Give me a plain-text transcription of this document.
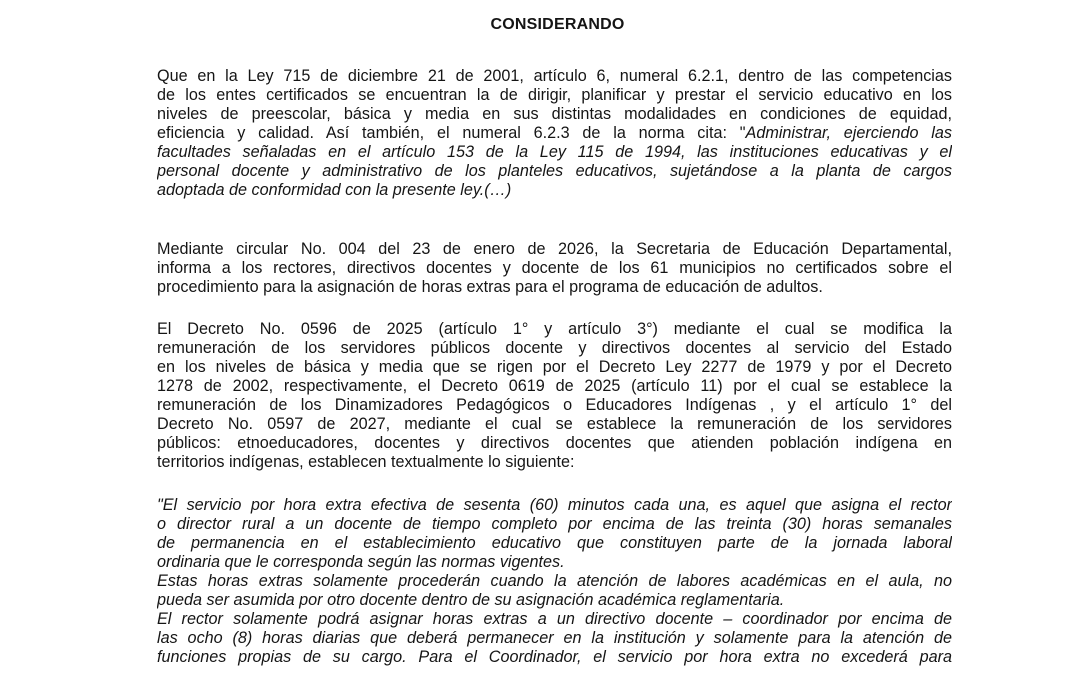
CONSIDERANDO

Que en la Ley 715 de diciembre 21 de 2001, artículo 6, numeral 6.2.1, dentro de las competencias
de los entes certificados se encuentran la de dirigir, planificar y prestar el servicio educativo en los
niveles de preescolar, básica y media en sus distintas modalidades en condiciones de equidad,
eficiencia y calidad. Así también, el numeral 6.2.3 de la norma cita: "Administrar, ejerciendo las
facultades señaladas en el artículo 153 de la Ley 115 de 1994, las instituciones educativas y el
personal docente y administrativo de los planteles educativos, sujetándose a la planta de cargos
adoptada de conformidad con la presente ley.(…)

Mediante circular No. 004 del 23 de enero de 2026, la Secretaria de Educación Departamental,
informa a los rectores, directivos docentes y docente de los 61 municipios no certificados sobre el
procedimiento para la asignación de horas extras para el programa de educación de adultos.

El Decreto No. 0596 de 2025 (artículo 1° y artículo 3°) mediante el cual se modifica la
remuneración de los servidores públicos docente y directivos docentes al servicio del Estado
en los niveles de básica y media que se rigen por el Decreto Ley 2277 de 1979 y por el Decreto
1278 de 2002, respectivamente, el Decreto 0619 de 2025 (artículo 11) por el cual se establece la
remuneración de los Dinamizadores Pedagógicos o Educadores Indígenas , y el artículo 1° del
Decreto No. 0597 de 2027, mediante el cual se establece la remuneración de los servidores
públicos: etnoeducadores, docentes y directivos docentes que atienden población indígena en
territorios indígenas, establecen textualmente lo siguiente:

"El servicio por hora extra efectiva de sesenta (60) minutos cada una, es aquel que asigna el rector
o director rural a un docente de tiempo completo por encima de las treinta (30) horas semanales
de permanencia en el establecimiento educativo que constituyen parte de la jornada laboral
ordinaria que le corresponda según las normas vigentes.
Estas horas extras solamente procederán cuando la atención de labores académicas en el aula, no
pueda ser asumida por otro docente dentro de su asignación académica reglamentaria.
El rector solamente podrá asignar horas extras a un directivo docente – coordinador por encima de
las ocho (8) horas diarias que deberá permanecer en la institución y solamente para la atención de
funciones propias de su cargo. Para el Coordinador, el servicio por hora extra no excederá para
